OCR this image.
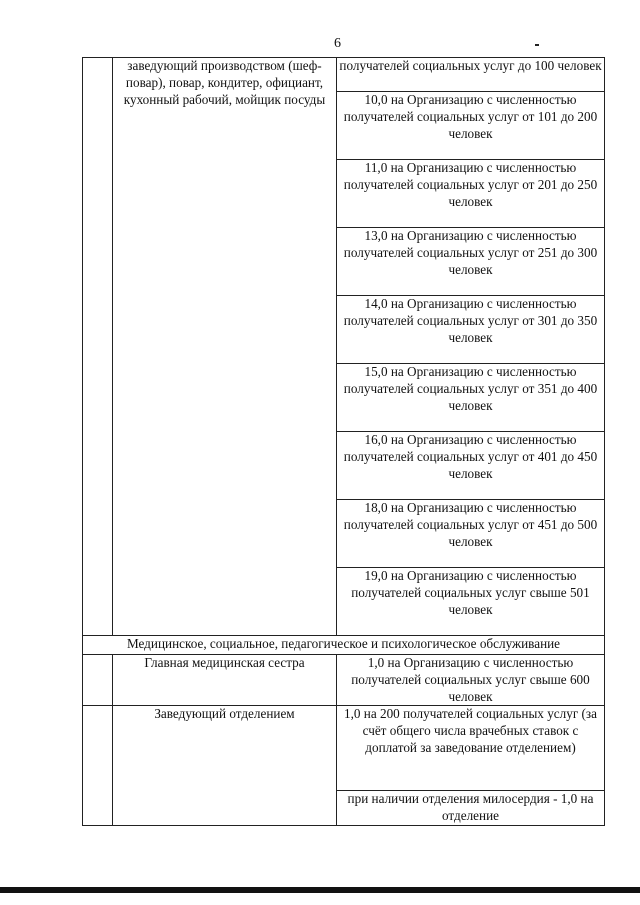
6
	заведующий производством (шеф-повар), повар, кондитер, официант, кухонный рабочий, мойщик посуды	получателей социальных услуг до 100 человек
		10,0 на Организацию с численностью получателей социальных услуг от 101 до 200 человек
		11,0 на Организацию с численностью получателей социальных услуг от 201 до 250 человек
		13,0 на Организацию с численностью получателей социальных услуг от 251 до 300 человек
		14,0 на Организацию с численностью получателей социальных услуг от 301 до 350 человек
		15,0 на Организацию с численностью получателей социальных услуг от 351 до 400 человек
		16,0 на Организацию с численностью получателей социальных услуг от 401 до 450 человек
		18,0 на Организацию с численностью получателей социальных услуг от 451 до 500 человек
		19,0 на Организацию с численностью получателей социальных услуг свыше 501 человек
Медицинское, социальное, педагогическое и психологическое обслуживание		
	Главная медицинская сестра	1,0 на Организацию с численностью получателей социальных услуг свыше 600 человек
	Заведующий отделением	1,0 на 200 получателей социальных услуг (за счёт общего числа врачебных ставок с доплатой за заведование отделением)
		при наличии отделения милосердия - 1,0 на отделение
